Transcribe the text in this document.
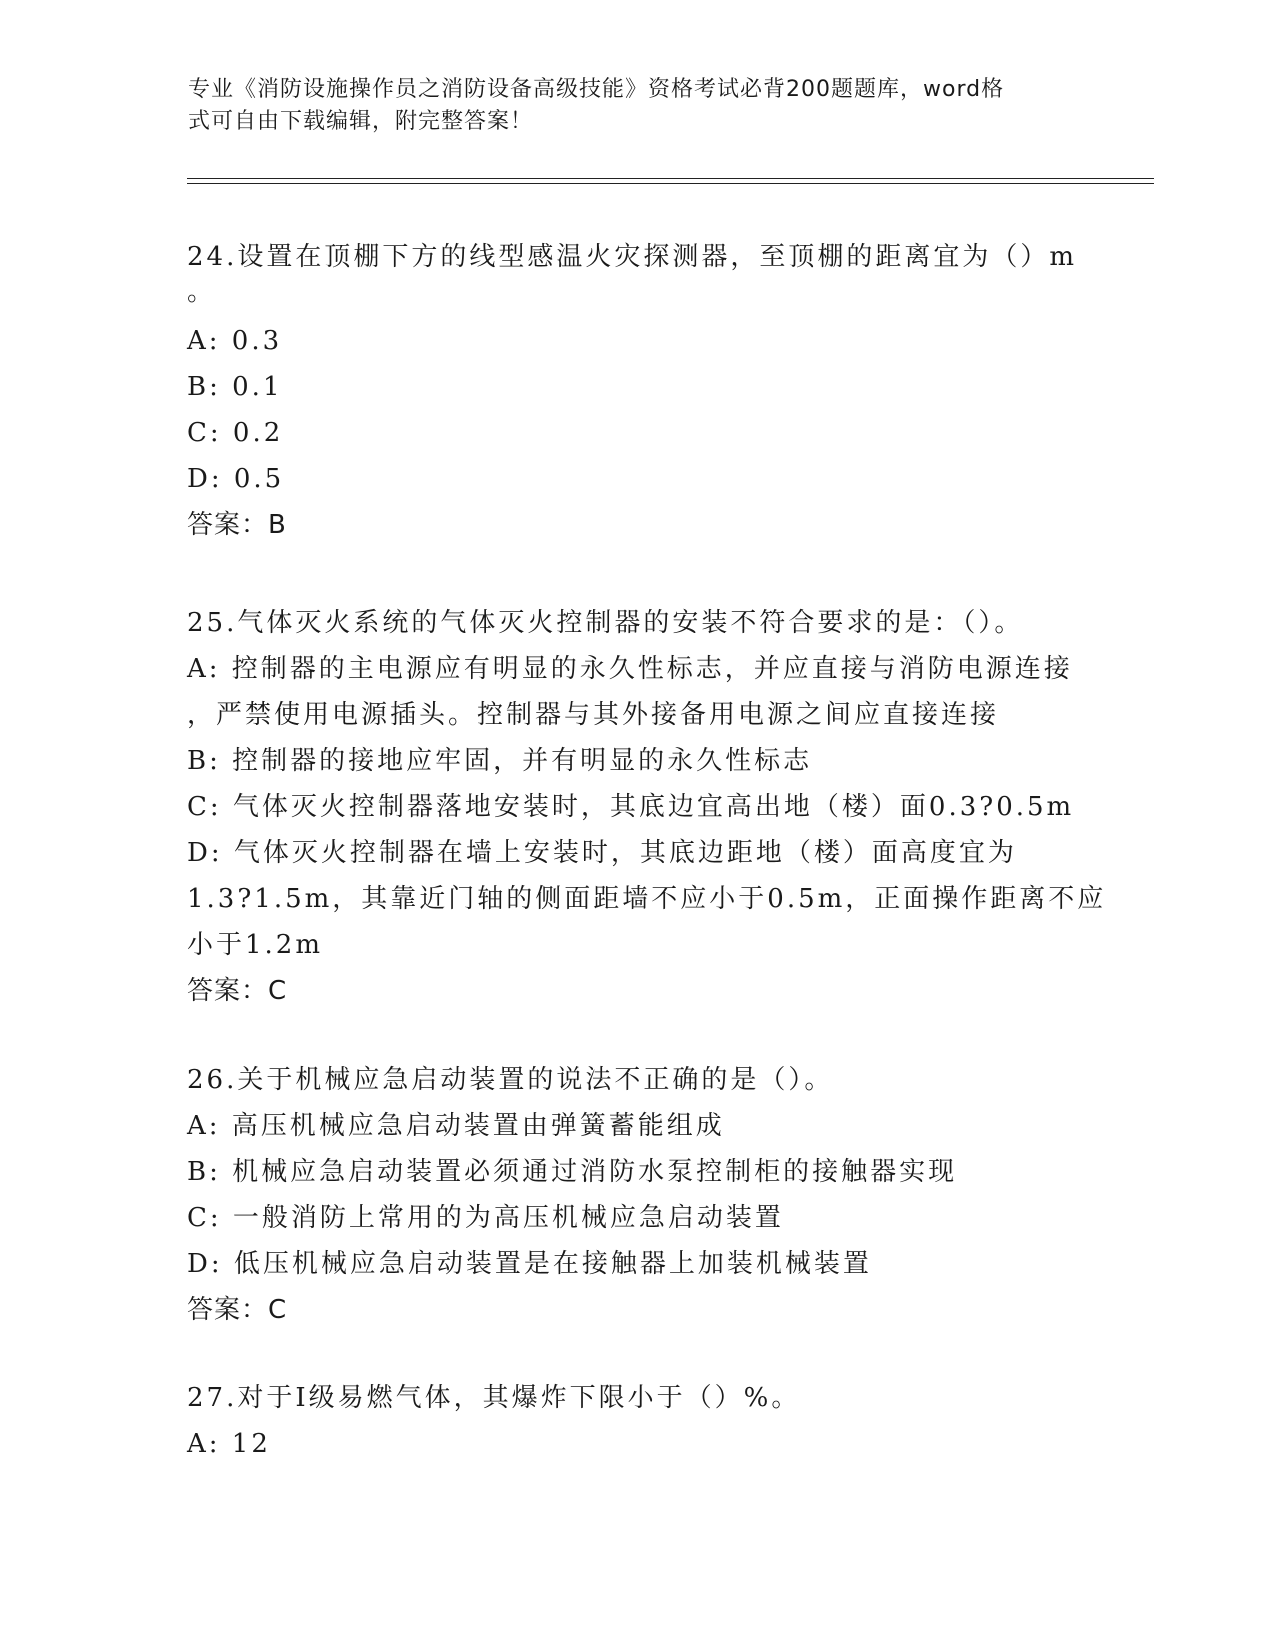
专业《消防设施操作员之消防设备高级技能》资格考试必背200题题库，word格
式可自由下载编辑，附完整答案！
24.设置在顶棚下方的线型感温火灾探测器，至顶棚的距离宜为（）m
。
A: 0.3
B: 0.1
C: 0.2
D: 0.5
答案：B
25.气体灭火系统的气体灭火控制器的安装不符合要求的是：（）。
A: 控制器的主电源应有明显的永久性标志，并应直接与消防电源连接
，严禁使用电源插头。控制器与其外接备用电源之间应直接连接
B: 控制器的接地应牢固，并有明显的永久性标志
C: 气体灭火控制器落地安装时，其底边宜高出地（楼）面0.3?0.5m
D: 气体灭火控制器在墙上安装时，其底边距地（楼）面高度宜为
1.3?1.5m，其靠近门轴的侧面距墙不应小于0.5m，正面操作距离不应
小于1.2m
答案：C
26.关于机械应急启动装置的说法不正确的是（）。
A: 高压机械应急启动装置由弹簧蓄能组成
B: 机械应急启动装置必须通过消防水泵控制柜的接触器实现
C: 一般消防上常用的为高压机械应急启动装置
D: 低压机械应急启动装置是在接触器上加装机械装置
答案：C
27.对于Ⅰ级易燃气体，其爆炸下限小于（）%。
A: 12
